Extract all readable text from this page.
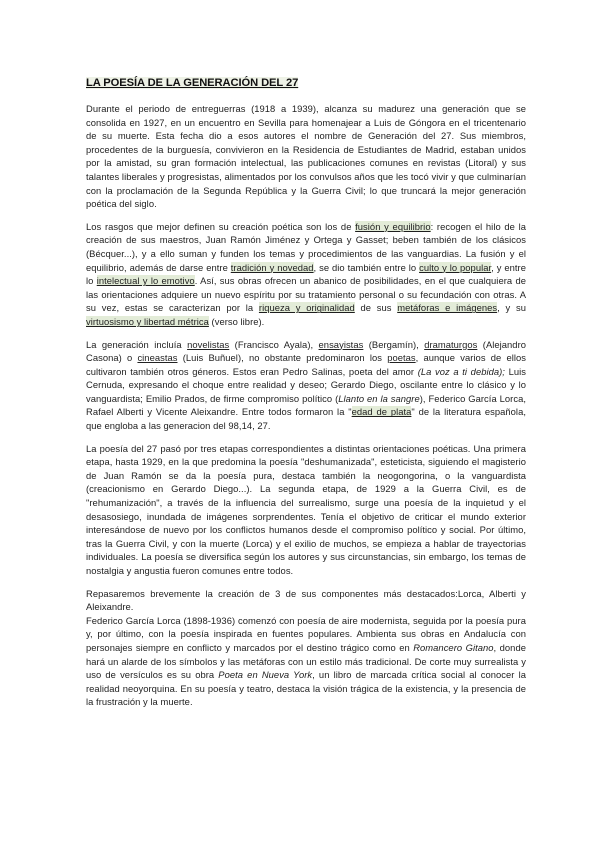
LA POESÍA DE LA GENERACIÓN DEL 27

Durante el periodo de entreguerras (1918 a 1939), alcanza su madurez una generación que se consolida en 1927, en un encuentro en Sevilla para homenajear a Luis de Góngora en el tricentenario de su muerte. Esta fecha dio a esos autores el nombre de Generación del 27. Sus miembros, procedentes de la burguesía, convivieron en la Residencia de Estudiantes de Madrid, estaban unidos por la amistad, su gran formación intelectual, las publicaciones comunes en revistas (Litoral) y sus talantes liberales y progresistas, alimentados por los convulsos años que les tocó vivir y que culminarían con la proclamación de la Segunda República y la Guerra Civil; lo que truncará la mejor generación poética del siglo.

Los rasgos que mejor definen su creación poética son los de fusión y equilibrio: recogen el hilo de la creación de sus maestros, Juan Ramón Jiménez y Ortega y Gasset; beben también de los clásicos (Bécquer...), y a ello suman y funden los temas y procedimientos de las vanguardias. La fusión y el equilibrio, además de darse entre tradición y novedad, se dio también entre lo culto y lo popular, y entre lo intelectual y lo emotivo. Así, sus obras ofrecen un abanico de posibilidades, en el que cualquiera de las orientaciones adquiere un nuevo espíritu por su tratamiento personal o su fecundación con otras. A su vez, estas se caracterizan por la riqueza y originalidad de sus metáforas e imágenes, y su virtuosismo y libertad métrica (verso libre).

La generación incluía novelistas (Francisco Ayala), ensayistas (Bergamín), dramaturgos (Alejandro Casona) o cineastas (Luis Buñuel), no obstante predominaron los poetas, aunque varios de ellos cultivaron también otros géneros. Estos eran Pedro Salinas, poeta del amor (La voz a ti debida); Luis Cernuda, expresando el choque entre realidad y deseo; Gerardo Diego, oscilante entre lo clásico y lo vanguardista; Emilio Prados, de firme compromiso político (Llanto en la sangre), Federico García Lorca, Rafael Alberti y Vicente Aleixandre. Entre todos formaron la "edad de plata" de la literatura española, que engloba a las generacion del 98,14, 27.

La poesía del 27 pasó por tres etapas correspondientes a distintas orientaciones poéticas. Una primera etapa, hasta 1929, en la que predomina la poesía "deshumanizada", esteticista, siguiendo el magisterio de Juan Ramón se da la poesía pura, destaca también la neogongorina, o la vanguardista (creacionismo en Gerardo Diego...). La segunda etapa, de 1929 a la Guerra Civil, es de "rehumanización", a través de la influencia del surrealismo, surge una poesía de la inquietud y el desasosiego, inundada de imágenes sorprendentes. Tenía el objetivo de criticar el mundo exterior interesándose de nuevo por los conflictos humanos desde el compromiso político y social. Por último, tras la Guerra Civil, y con la muerte (Lorca) y el exilio de muchos, se empieza a hablar de trayectorias individuales. La poesía se diversifica según los autores y sus circunstancias, sin embargo, los temas de nostalgia y angustia fueron comunes entre todos.

Repasaremos brevemente la creación de 3 de sus componentes más destacados:Lorca, Alberti y Aleixandre.

Federico García Lorca (1898-1936) comenzó con poesía de aire modernista, seguida por la poesía pura y, por último, con la poesía inspirada en fuentes populares. Ambienta sus obras en Andalucía con personajes siempre en conflicto y marcados por el destino trágico como en Romancero Gitano, donde hará un alarde de los símbolos y las metáforas con un estilo más tradicional. De corte muy surrealista y uso de versículos es su obra Poeta en Nueva York, un libro de marcada crítica social al conocer la realidad neoyorquina. En su poesía y teatro, destaca la visión trágica de la existencia, y la presencia de la frustración y la muerte.
